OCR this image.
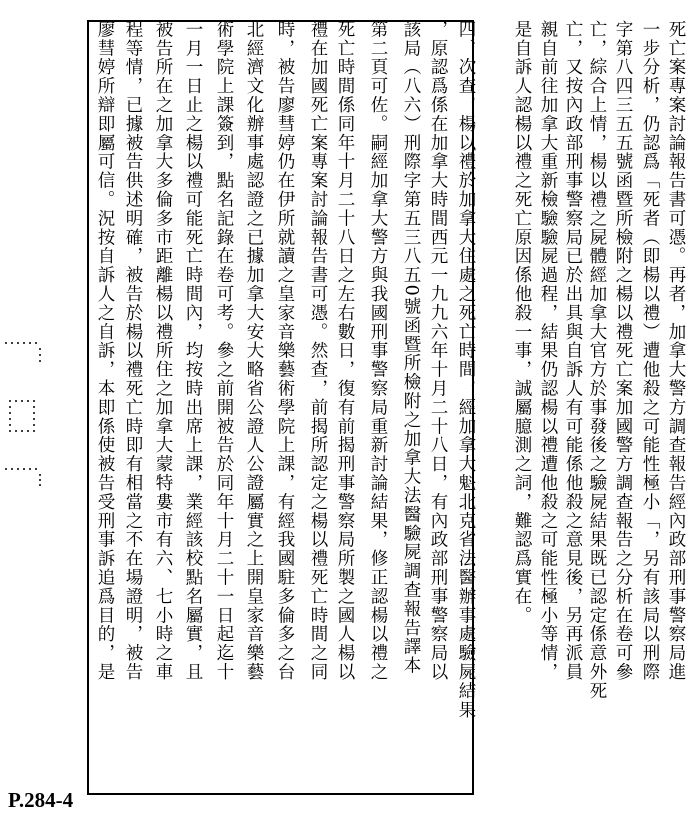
死亡案專案討論報告書可憑。再者，加拿大警方調查報告經內政部刑事警察局進
一步分析，仍認爲「死者（即楊以禮）遭他殺之可能性極小「，另有該局以刑際
字第八四三五五號函暨所檢附之楊以禮死亡案加國警方調查報告之分析在卷可參
亡，綜合上情，楊以禮之屍體經加拿大官方於事發後之驗屍結果既已認定係意外死
親自前往加拿大重新檢驗驗屍過程，結果仍認楊以禮遭他殺之可能性極小等情， 亡，又按內政部刑事警察局已於出具與自訴人有可能係他殺之意見後，另再派員
是自訴人認楊以禮之死亡原因係他殺一事，誠屬臆測之詞，難認爲實在。
四、次查，楊以禮於加拿大住處之死亡時間，經加拿大魁北克省法醫辦事處驗屍結果
，原認爲係在加拿大時間西元一九九六年十月二十八日，有內政部刑事警察局以
該局（八六）刑際字第五三八五0號函暨所檢附之加拿大法醫驗屍調查報告譯本
第二頁可佐。嗣經加拿大警方與我國刑事警察局重新討論結果，修正認楊以禮之
死亡時間係同年十月二十八日之左右數日，復有前揭刑事警察局所製之國人楊以
禮在加國死亡案專案討論報告書可憑。然查，前揭所認定之楊以禮死亡時間之同
時，被告廖彗婷仍在伊所就讀之皇家音樂藝術學院上課，有經我國駐多倫多之台
北經濟文化辦事處認證之已據加拿大安大略省公證人公證屬實之上開皇家音樂藝
術學院上課簽到，點名記錄在卷可考。參之前開被告於同年十月二十一日起迄十
一月一日止之楊以禮可能死亡時間內，均按時出席上課，業經該校點名屬實，且
被告所在之加拿大多倫多市距離楊以禮所住之加拿大蒙特婁市有六、七小時之車
程等情，已據被告供述明確，被告於楊以禮死亡時即有相當之不在場證明，被告
廖彗婷所辯即屬可信。況按自訴人之自訴，本即係使被告受刑事訴追爲目的，是
P.284-4
